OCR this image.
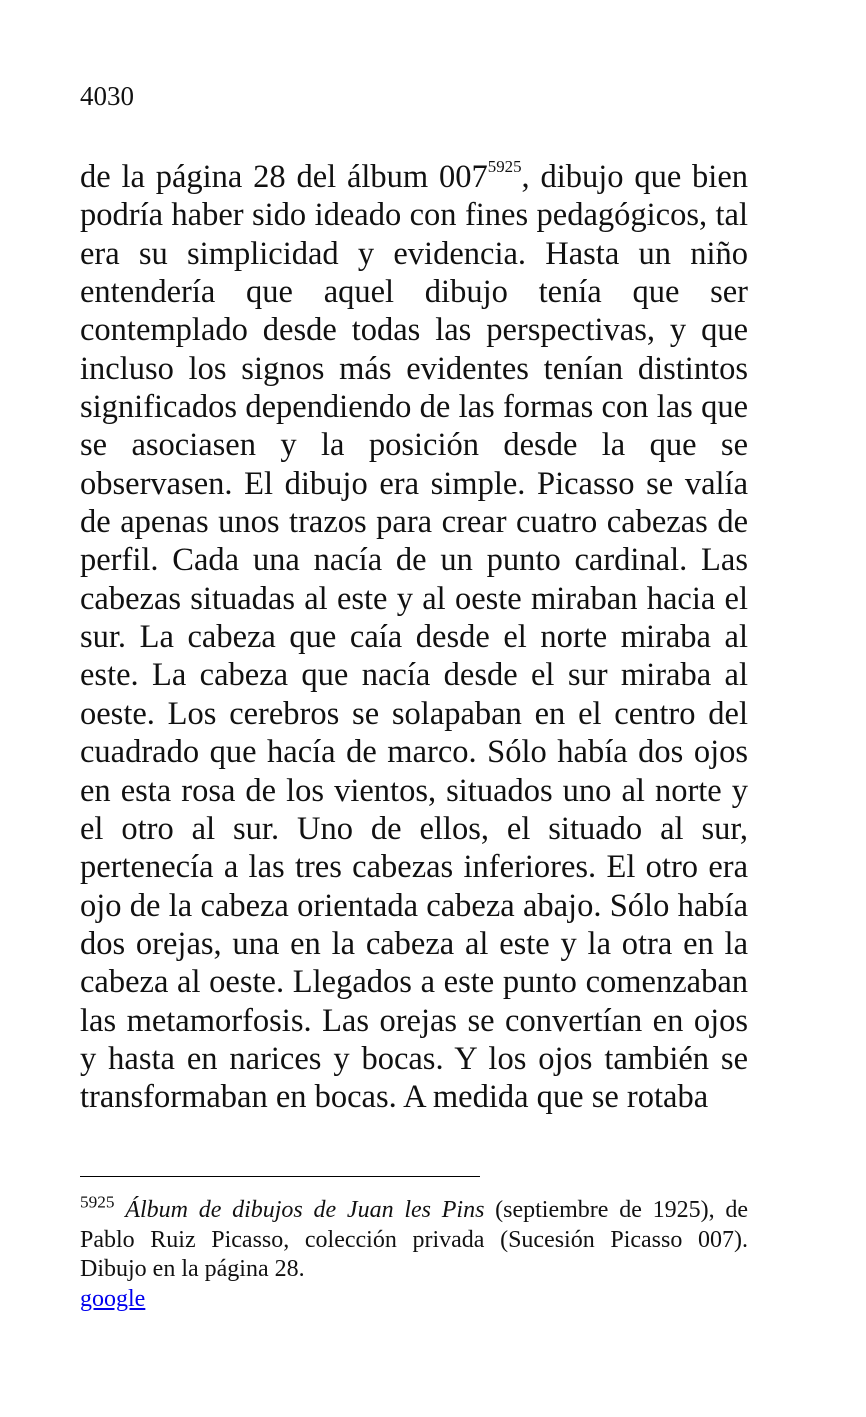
4030

de la página 28 del álbum $007^{5925}$, dibujo que bien podría haber sido ideado con fines pedagógicos, tal era su simplicidad y evidencia. Hasta un niño entendería que aquel dibujo tenía que ser contemplado desde todas las perspectivas, y que incluso los signos más evidentes tenían distintos significados dependiendo de las formas con las que se asociasen y la posición desde la que se observasen. El dibujo era simple. Picasso se valía de apenas unos trazos para crear cuatro cabezas de perfil. Cada una nacía de un punto cardinal. Las cabezas situadas al este y al oeste miraban hacia el sur. La cabeza que caía desde el norte miraba al este. La cabeza que nacía desde el sur miraba al oeste. Los cerebros se solapaban en el centro del cuadrado que hacía de marco. Sólo había dos ojos en esta rosa de los vientos, situados uno al norte y el otro al sur. Uno de ellos, el situado al sur, pertenecía a las tres cabezas inferiores. El otro era ojo de la cabeza orientada cabeza abajo. Sólo había dos orejas, una en la cabeza al este y la otra en la cabeza al oeste. Llegados a este punto comenzaban las metamorfosis. Las orejas se convertían en ojos y hasta en narices y bocas. Y los ojos también se transformaban en bocas. A medida que se rotaba

$^{5925}$ Álbum de dibujos de Juan les Pins (septiembre de 1925), de Pablo Ruiz Picasso, colección privada (Sucesión Picasso 007). Dibujo en la página 28.

google
